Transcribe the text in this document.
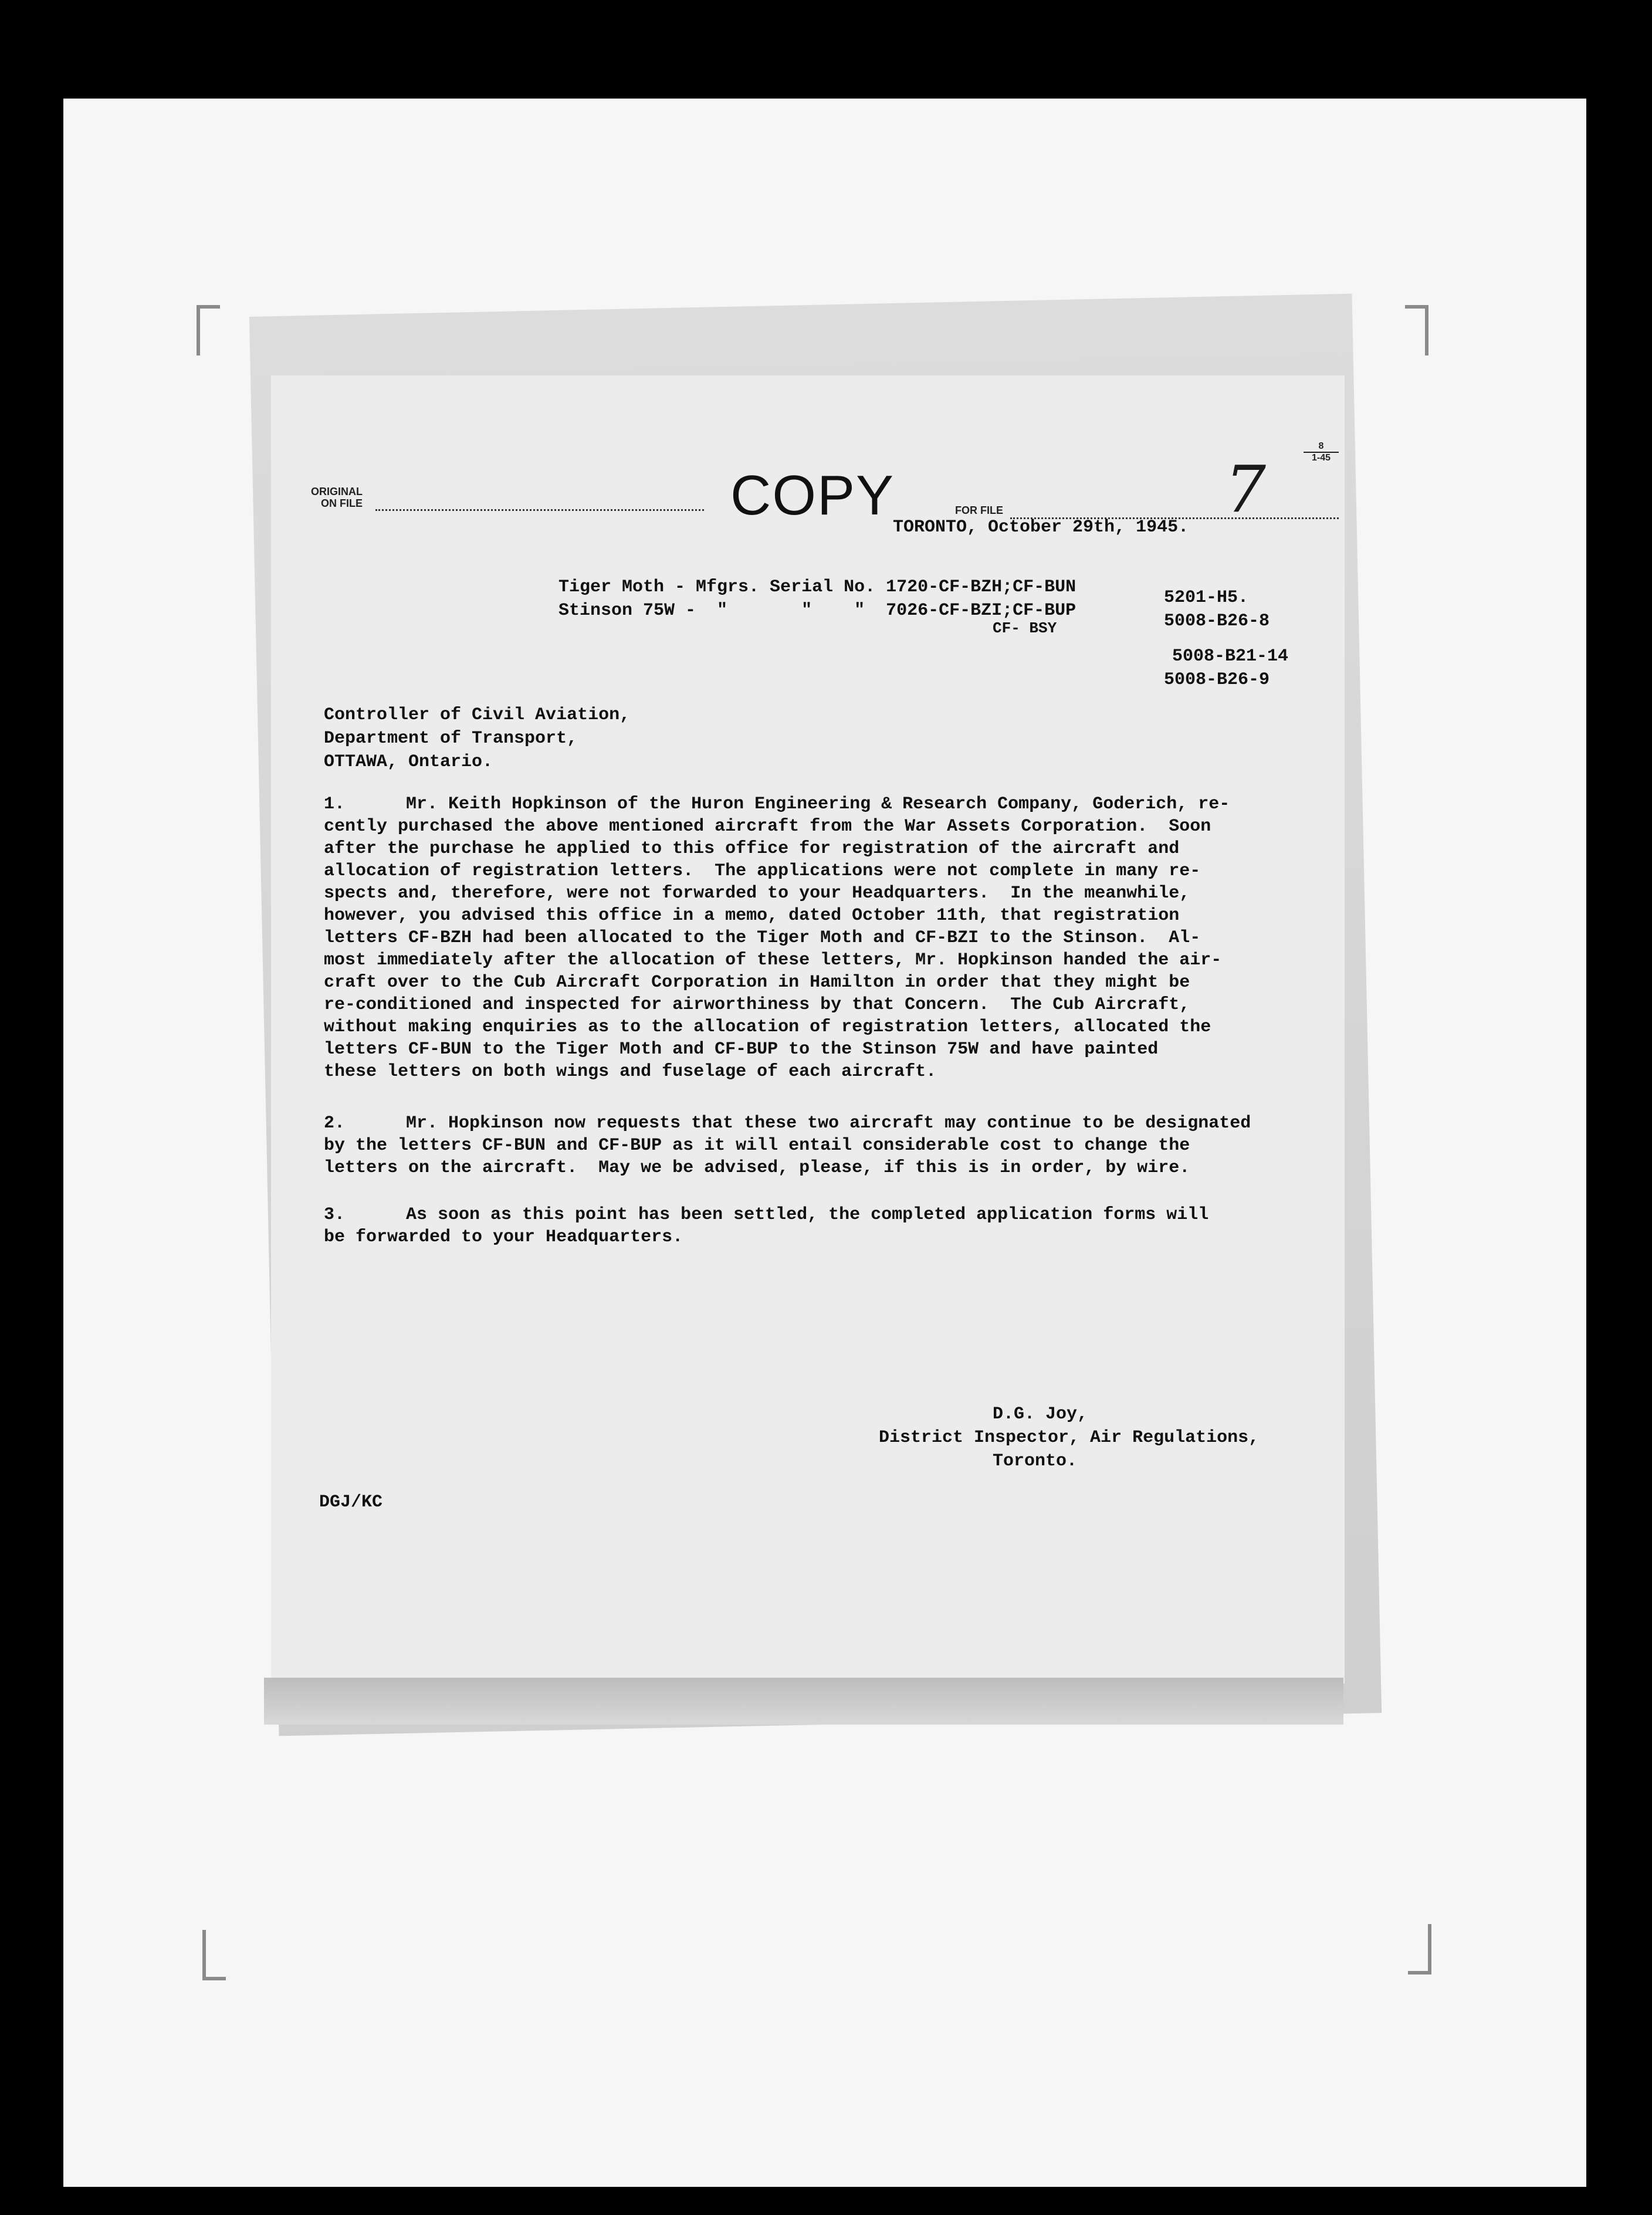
ORIGINAL
ON FILE	COPY	FOR FILE	7
8
1-45
TORONTO, October 29th, 1945.
Tiger Moth - Mfgrs. Serial No. 1720-CF-BZH;CF-BUN
Stinson 75W -  "       "    "  7026-CF-BZI;CF-BUP
CF- BSY
5201-H5.
5008-B26-8
5008-B21-14
5008-B26-9
Controller of Civil Aviation,
Department of Transport,
OTTAWA, Ontario.
1.	Mr. Keith Hopkinson of the Huron Engineering & Research Company, Goderich, re-
cently purchased the above mentioned aircraft from the War Assets Corporation.  Soon
after the purchase he applied to this office for registration of the aircraft and
allocation of registration letters.  The applications were not complete in many re-
spects and, therefore, were not forwarded to your Headquarters.  In the meanwhile,
however, you advised this office in a memo, dated October 11th, that registration
letters CF-BZH had been allocated to the Tiger Moth and CF-BZI to the Stinson.  Al-
most immediately after the allocation of these letters, Mr. Hopkinson handed the air-
craft over to the Cub Aircraft Corporation in Hamilton in order that they might be
re-conditioned and inspected for airworthiness by that Concern.  The Cub Aircraft,
without making enquiries as to the allocation of registration letters, allocated the
letters CF-BUN to the Tiger Moth and CF-BUP to the Stinson 75W and have painted
these letters on both wings and fuselage of each aircraft.
2.	Mr. Hopkinson now requests that these two aircraft may continue to be designated
by the letters CF-BUN and CF-BUP as it will entail considerable cost to change the
letters on the aircraft.  May we be advised, please, if this is in order, by wire.
3.	As soon as this point has been settled, the completed application forms will
be forwarded to your Headquarters.
D.G. Joy,
District Inspector, Air Regulations,
Toronto.
DGJ/KC
